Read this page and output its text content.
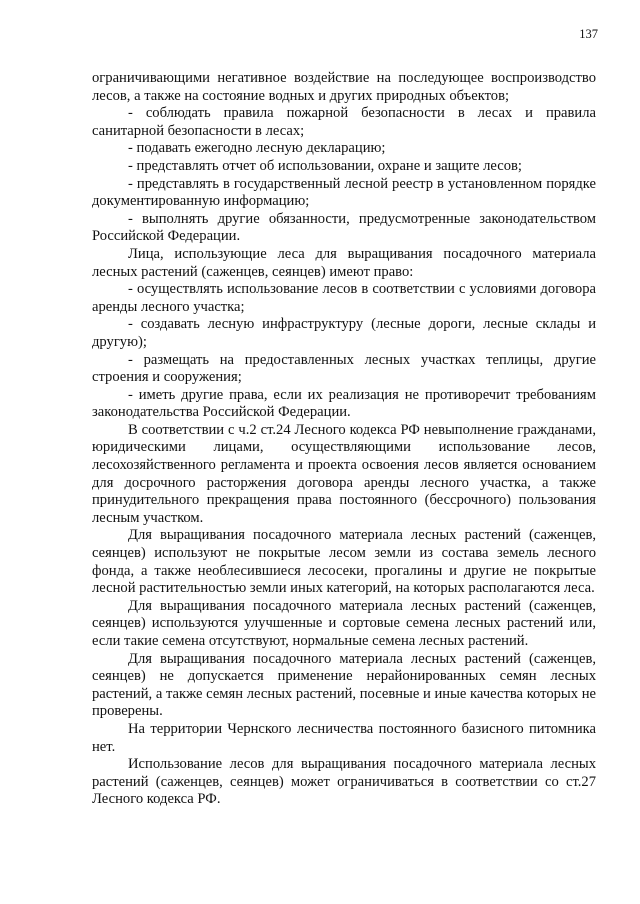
137

ограничивающими негативное воздействие на последующее воспроизводство лесов, а также на состояние водных и других природных объектов;

- соблюдать правила пожарной безопасности в лесах и правила санитарной безопасности в лесах;

- подавать ежегодно лесную декларацию;

- представлять отчет об использовании, охране и защите лесов;

- представлять в государственный лесной реестр в установленном порядке документированную информацию;

- выполнять другие обязанности, предусмотренные законодательством Российской Федерации.

Лица, использующие леса для выращивания посадочного материала лесных растений (саженцев, сеянцев) имеют право:

- осуществлять использование лесов в соответствии с условиями договора аренды лесного участка;

- создавать лесную инфраструктуру (лесные дороги, лесные склады и другую);

- размещать на предоставленных лесных участках теплицы, другие строения и сооружения;

- иметь другие права, если их реализация не противоречит требованиям законодательства Российской Федерации.

В соответствии с ч.2 ст.24 Лесного кодекса РФ невыполнение гражданами, юридическими лицами, осуществляющими использование лесов, лесохозяйственного регламента и проекта освоения лесов является основанием для досрочного расторжения договора аренды лесного участка, а также принудительного прекращения права постоянного (бессрочного) пользования лесным участком.

Для выращивания посадочного материала лесных растений (саженцев, сеянцев) используют не покрытые лесом земли из состава земель лесного фонда, а также необлесившиеся лесосеки, прогалины и другие не покрытые лесной растительностью земли иных категорий, на которых располагаются леса.

Для выращивания посадочного материала лесных растений (саженцев, сеянцев) используются улучшенные и сортовые семена лесных растений или, если такие семена отсутствуют, нормальные семена лесных растений.

Для выращивания посадочного материала лесных растений (саженцев, сеянцев) не допускается применение нерайонированных семян лесных растений, а также семян лесных растений, посевные и иные качества которых не проверены.

На территории Чернского лесничества постоянного базисного питомника нет.

Использование лесов для выращивания посадочного материала лесных растений (саженцев, сеянцев) может ограничиваться в соответствии со ст.27 Лесного кодекса РФ.
